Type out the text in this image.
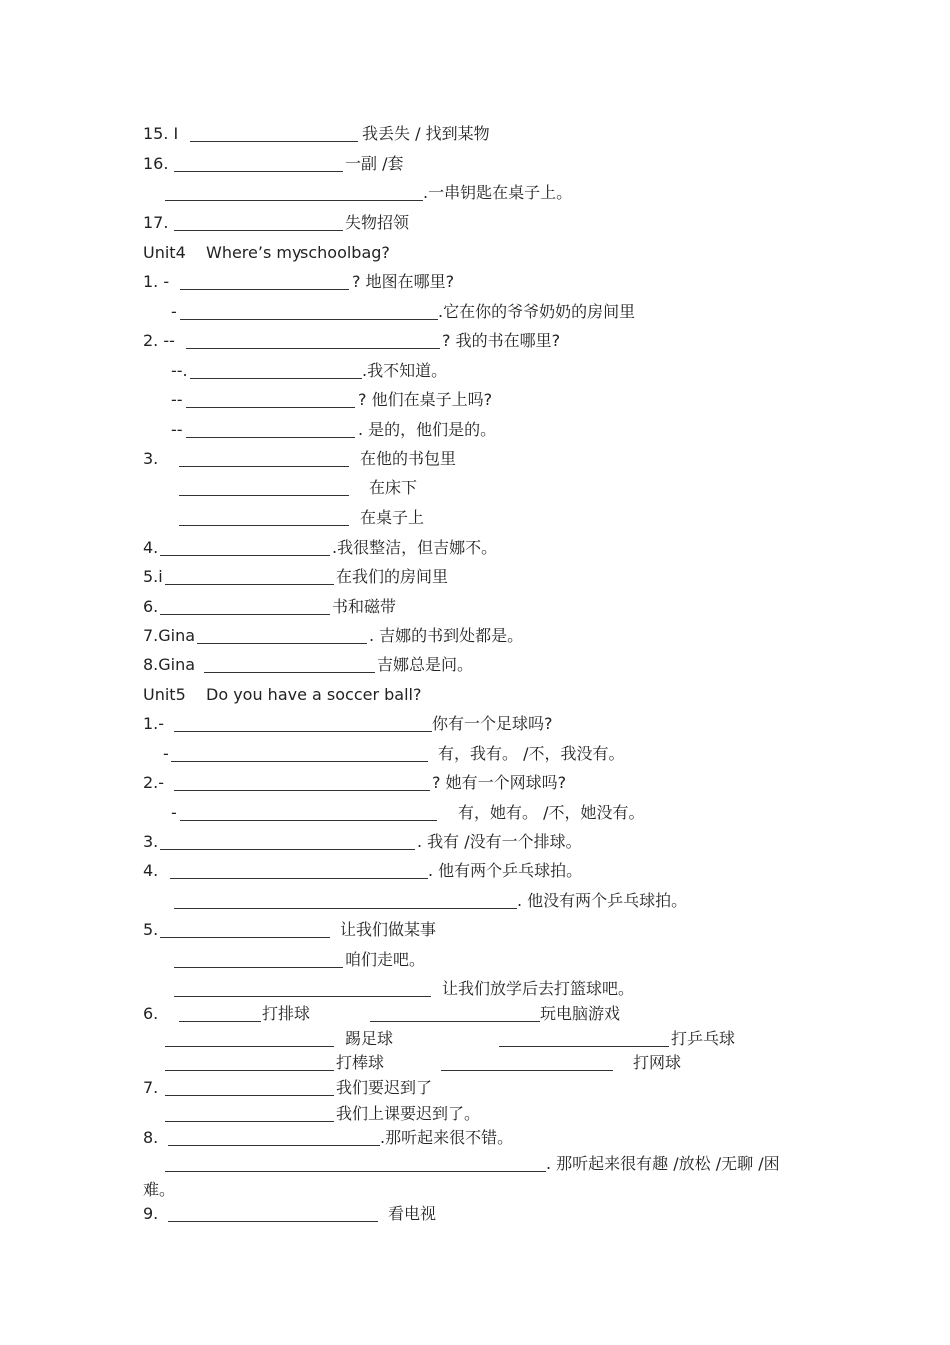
15. I	我丢失 / 找到某物
16.	一副 /套
.一串钥匙在桌子上。
17.	失物招领
Unit4 Where’s my
schoolbag?
1. -	? 地图在哪里?
-	.它在你的爷爷奶奶的房间里
2. --	? 我的书在哪里?
--.	.我不知道。
--	? 他们在桌子上吗?
--	. 是的，他们是的。
3.	在他的书包里
在床下
在桌子上
4.	.我很整洁，但吉娜不。
5.i	在我们的房间里
6.	书和磁带
7.Gina	. 吉娜的书到处都是。
8.Gina	吉娜总是问。
Unit5 Do you have a soccer ball?
1.-	你有一个足球吗?
-	有，我有。 /不，我没有。
2.-	? 她有一个网球吗?
-	有，她有。 /不，她没有。
3.	. 我有 /没有一个排球。
4.	. 他有两个乒乓球拍。
. 他没有两个乒乓球拍。
5.	让我们做某事
咱们走吧。
让我们放学后去打篮球吧。
6.	打排球	玩电脑游戏
踢足球	打乒乓球
打棒球	打网球
7.	我们要迟到了
我们上课要迟到了。
8.	.那听起来很不错。
. 那听起来很有趣 /放松 /无聊 /困
难。
9.	看电视
